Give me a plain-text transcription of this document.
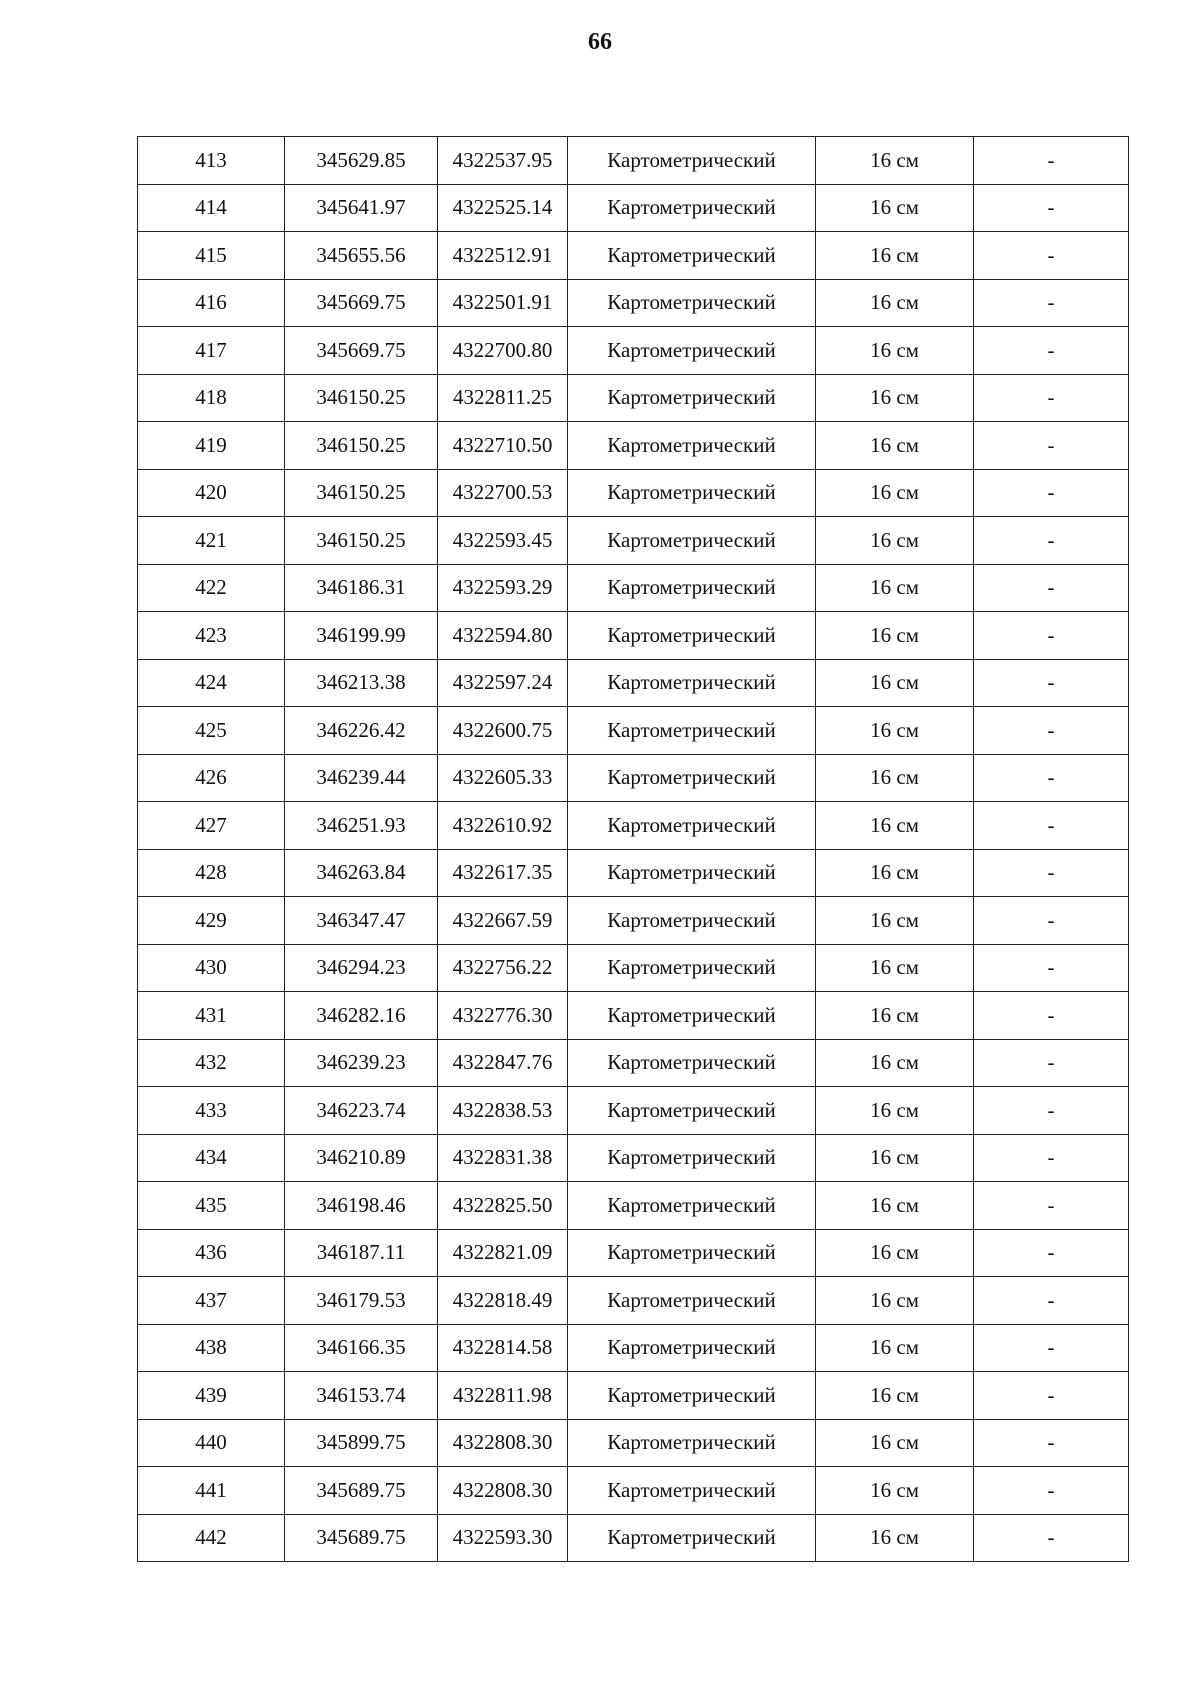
66
413	345629.85	4322537.95	Картометрический	16 см	-
414	345641.97	4322525.14	Картометрический	16 см	-
415	345655.56	4322512.91	Картометрический	16 см	-
416	345669.75	4322501.91	Картометрический	16 см	-
417	345669.75	4322700.80	Картометрический	16 см	-
418	346150.25	4322811.25	Картометрический	16 см	-
419	346150.25	4322710.50	Картометрический	16 см	-
420	346150.25	4322700.53	Картометрический	16 см	-
421	346150.25	4322593.45	Картометрический	16 см	-
422	346186.31	4322593.29	Картометрический	16 см	-
423	346199.99	4322594.80	Картометрический	16 см	-
424	346213.38	4322597.24	Картометрический	16 см	-
425	346226.42	4322600.75	Картометрический	16 см	-
426	346239.44	4322605.33	Картометрический	16 см	-
427	346251.93	4322610.92	Картометрический	16 см	-
428	346263.84	4322617.35	Картометрический	16 см	-
429	346347.47	4322667.59	Картометрический	16 см	-
430	346294.23	4322756.22	Картометрический	16 см	-
431	346282.16	4322776.30	Картометрический	16 см	-
432	346239.23	4322847.76	Картометрический	16 см	-
433	346223.74	4322838.53	Картометрический	16 см	-
434	346210.89	4322831.38	Картометрический	16 см	-
435	346198.46	4322825.50	Картометрический	16 см	-
436	346187.11	4322821.09	Картометрический	16 см	-
437	346179.53	4322818.49	Картометрический	16 см	-
438	346166.35	4322814.58	Картометрический	16 см	-
439	346153.74	4322811.98	Картометрический	16 см	-
440	345899.75	4322808.30	Картометрический	16 см	-
441	345689.75	4322808.30	Картометрический	16 см	-
442	345689.75	4322593.30	Картометрический	16 см	-
